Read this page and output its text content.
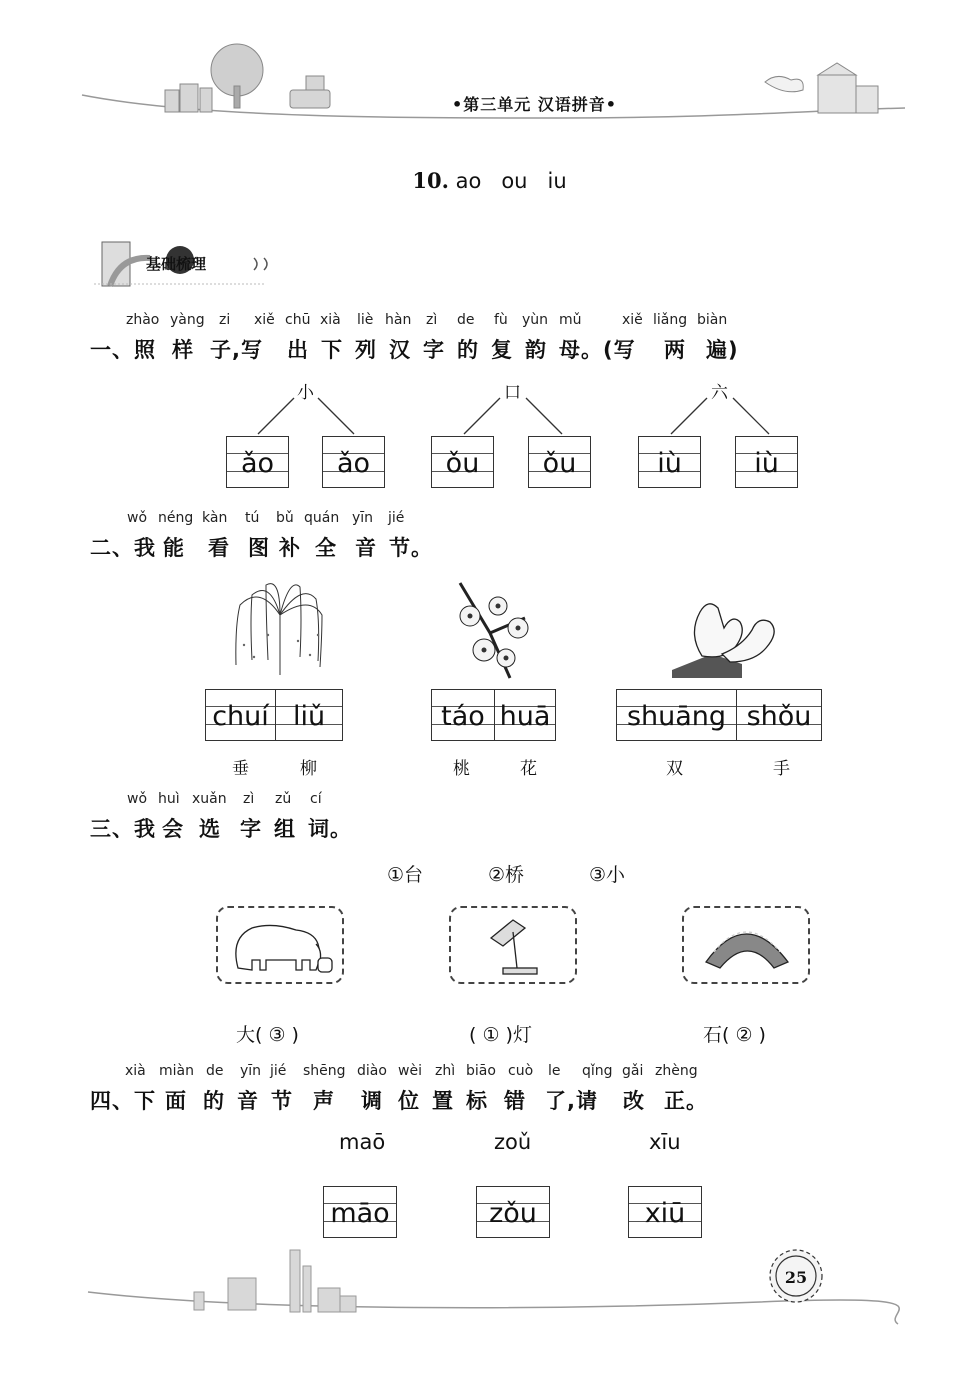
•第三单元 汉语拼音•
10. ao   ou   iu
基础梳理
zhào yàng zi xiě chū xià liè hàn zì de fù yùn mǔ	xiě liǎng biàn
一、照 样 子,写 出 下 列 汉 字 的 复 韵 母。(写 两 遍)
小	口	六
ǎo ǎo	ǒu ǒu	iù	iù
wǒ néng kàn tú bǔ quán yīn jié
二、我 能 看 图 补 全 音 节。
chuí liǔ	táo huā	shuāng shǒu
垂	柳	桃	花	双	手
wǒ huì xuǎn zì zǔ cí
三、我 会 选 字 组 词。
①台	②桥	③小
大( ③ )	( ① )灯	石( ② )
xià miàn de yīn jié shēng diào wèi zhì biāo cuò le qǐng gǎi zhèng
四、下 面 的 音 节 声 调 位 置 标 错 了,请 改 正。
maō	zoǔ	xīu
māo	zǒu	xiū
25
